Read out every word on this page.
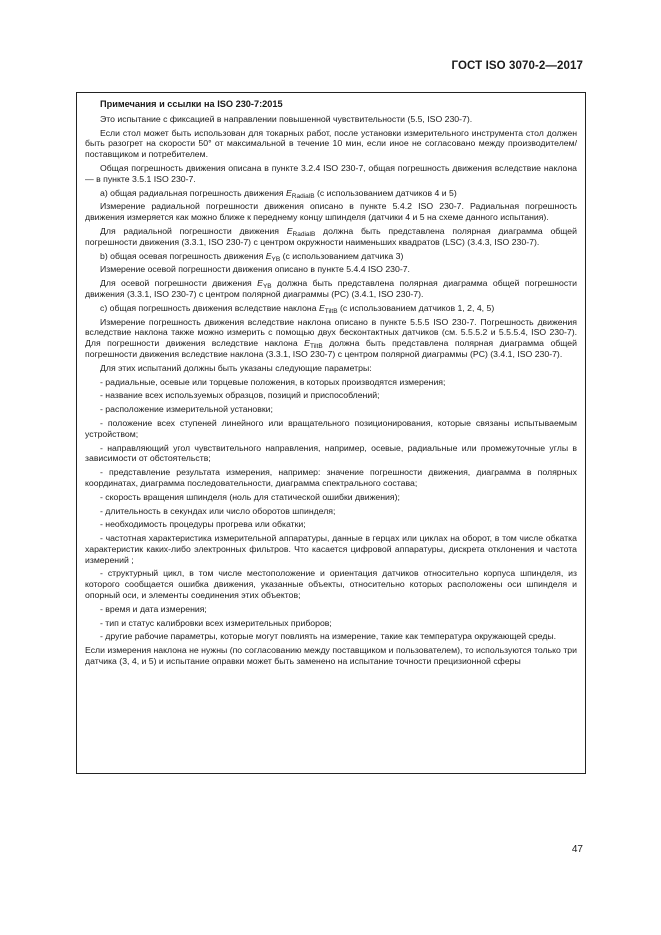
ГОСТ ISO 3070-2—2017

Примечания и ссылки на ISO 230-7:2015

Это испытание с фиксацией в направлении повышенной чувствительности (5.5, ISO 230-7).

Если стол может быть использован для токарных работ, после установки измерительного инструмента стол должен быть разогрет на скорости 50° от максимальной в течение 10 мин, если иное не согласовано между производителем/поставщиком и потребителем.

Общая погрешность движения описана в пункте 3.2.4 ISO 230-7, общая погрешность движения вследствие наклона — в пункте 3.5.1 ISO 230-7.

а) общая радиальная погрешность движения $E_{RadialB}$ (с использованием датчиков 4 и 5)

Измерение радиальной погрешности движения описано в пункте 5.4.2 ISO 230-7. Радиальная погрешность движения измеряется как можно ближе к переднему концу шпинделя (датчики 4 и 5 на схеме данного испытания).

Для радиальной погрешности движения $E_{RadialB}$ должна быть представлена полярная диаграмма общей погрешности движения (3.3.1, ISO 230-7) с центром окружности наименьших квадратов (LSC) (3.4.3, ISO 230-7).

b) общая осевая погрешность движения $E_{YB}$ (с использованием датчика 3)

Измерение осевой погрешности движения описано в пункте 5.4.4 ISO 230-7.

Для осевой погрешности движения $E_{YB}$ должна быть представлена полярная диаграмма общей погрешности движения (3.3.1, ISO 230-7) с центром полярной диаграммы (PC) (3.4.1, ISO 230-7).

с) общая погрешность движения вследствие наклона $E_{TiltB}$ (с использованием датчиков 1, 2, 4, 5)

Измерение погрешность движения вследствие наклона описано в пункте 5.5.5 ISO 230-7. Погрешность движения вследствие наклона также можно измерить с помощью двух бесконтактных датчиков (см. 5.5.5.2 и 5.5.5.4, ISO 230-7). Для погрешности движения вследствие наклона $E_{TiltB}$ должна быть представлена полярная диаграмма общей погрешности движения вследствие наклона (3.3.1, ISO 230-7) с центром полярной диаграммы (PC) (3.4.1, ISO 230-7).

Для этих испытаний должны быть указаны следующие параметры:

- радиальные, осевые или торцевые положения, в которых производятся измерения;

- название всех используемых образцов, позиций и приспособлений;

- расположение измерительной установки;

- положение всех ступеней линейного или вращательного позиционирования, которые связаны испытываемым устройством;

- направляющий угол чувствительного направления, например, осевые, радиальные или промежуточные углы в зависимости от обстоятельств;

- представление результата измерения, например: значение погрешности движения, диаграмма в полярных координатах, диаграмма последовательности, диаграмма спектрального состава;

- скорость вращения шпинделя (ноль для статической ошибки движения);

- длительность в секундах или число оборотов шпинделя;

- необходимость процедуры прогрева или обкатки;

- частотная характеристика измерительной аппаратуры, данные в герцах или циклах на оборот, в том числе обкатка характеристик каких-либо электронных фильтров. Что касается цифровой аппаратуры, дискрета отклонения и частота измерений ;

- структурный цикл, в том числе местоположение и ориентация датчиков относительно корпуса шпинделя, из которого сообщается ошибка движения, указанные объекты, относительно которых расположены оси шпинделя и опорный оси, и элементы соединения этих объектов;

- время и дата измерения;

- тип и статус калибровки всех измерительных приборов;

- другие рабочие параметры, которые могут повлиять на измерение, такие как температура окружающей среды.

Если измерения наклона не нужны (по согласованию между поставщиком и пользователем), то используются только три датчика (3, 4, и 5) и испытание оправки может быть заменено на испытание точности прецизионной сферы

47
